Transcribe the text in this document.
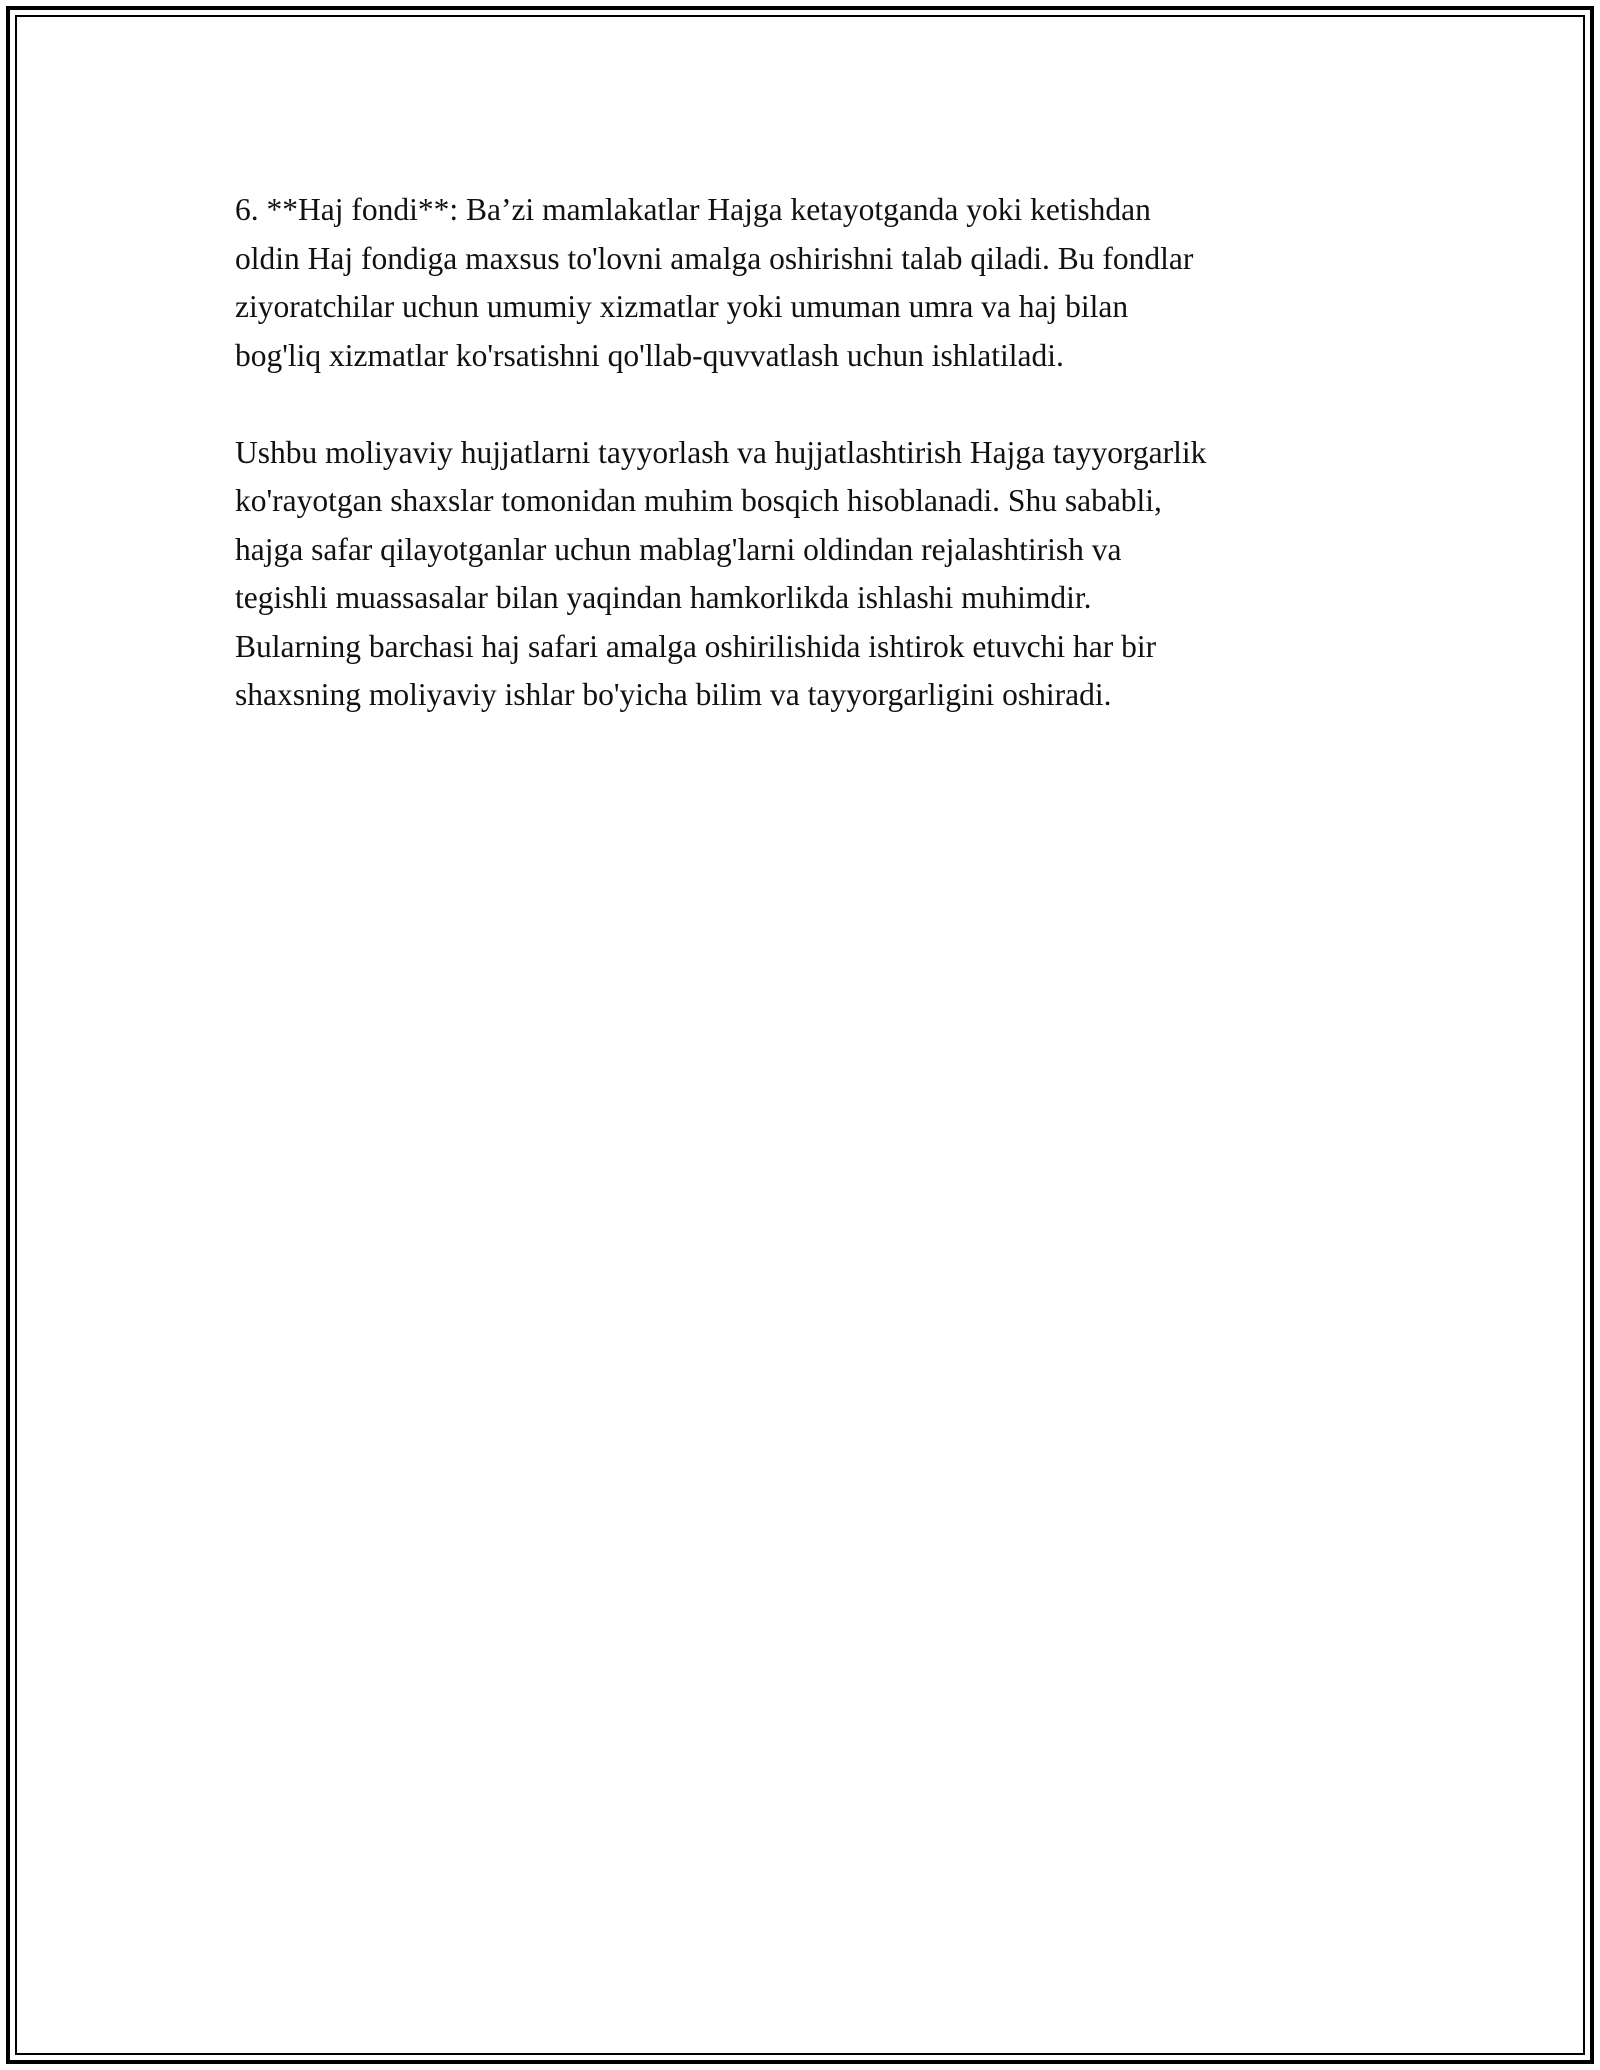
6. **Haj fondi**: Ba’zi mamlakatlar Hajga ketayotganda yoki ketishdan
oldin Haj fondiga maxsus to'lovni amalga oshirishni talab qiladi. Bu fondlar
ziyoratchilar uchun umumiy xizmatlar yoki umuman umra va haj bilan
bog'liq xizmatlar ko'rsatishni qo'llab-quvvatlash uchun ishlatiladi.

Ushbu moliyaviy hujjatlarni tayyorlash va hujjatlashtirish Hajga tayyorgarlik
ko'rayotgan shaxslar tomonidan muhim bosqich hisoblanadi. Shu sababli,
hajga safar qilayotganlar uchun mablag'larni oldindan rejalashtirish va
tegishli muassasalar bilan yaqindan hamkorlikda ishlashi muhimdir.
Bularning barchasi haj safari amalga oshirilishida ishtirok etuvchi har bir
shaxsning moliyaviy ishlar bo'yicha bilim va tayyorgarligini oshiradi.
